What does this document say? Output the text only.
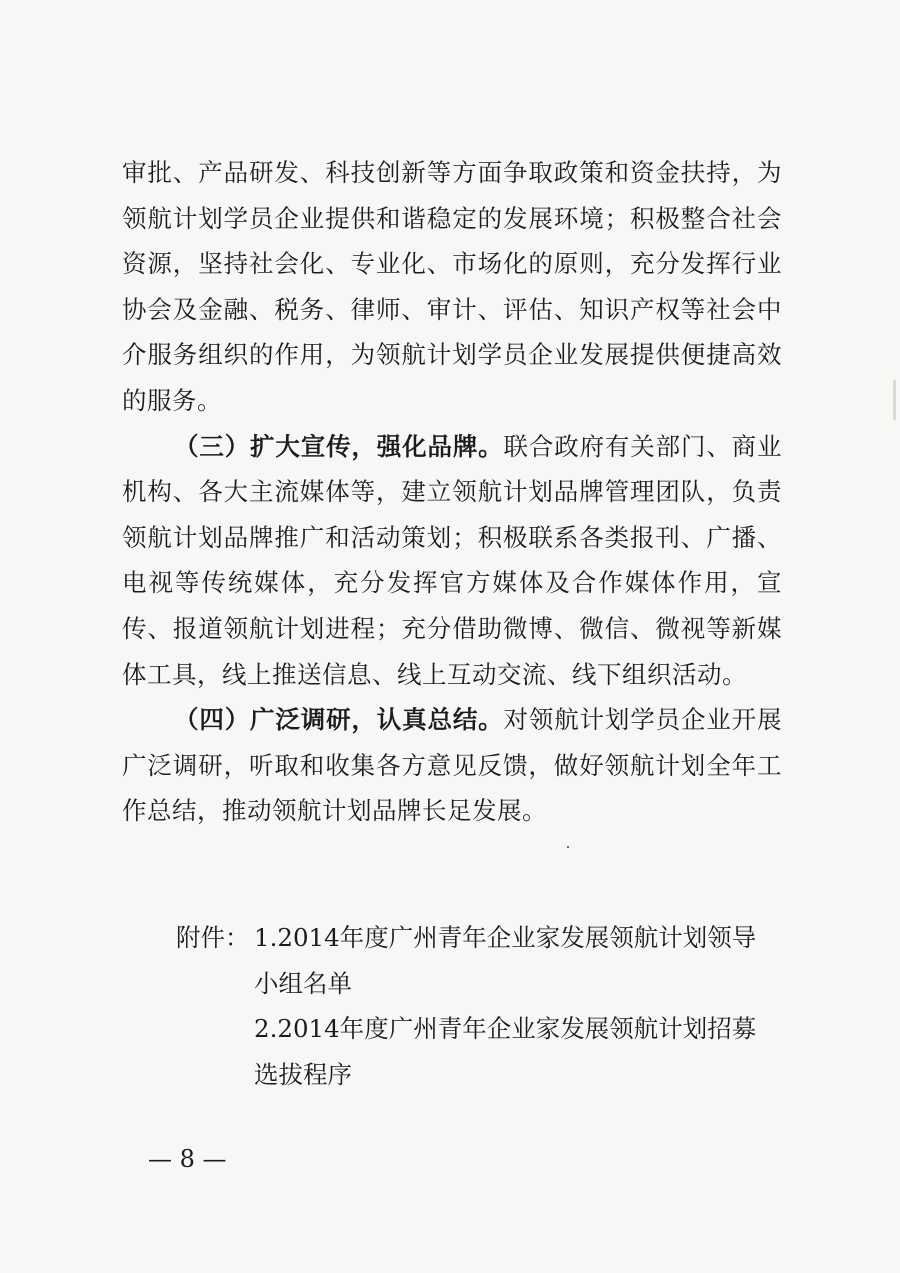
审批、产品研发、科技创新等方面争取政策和资金扶持，为领航计划学员企业提供和谐稳定的发展环境；积极整合社会资源，坚持社会化、专业化、市场化的原则，充分发挥行业协会及金融、税务、律师、审计、评估、知识产权等社会中介服务组织的作用，为领航计划学员企业发展提供便捷高效的服务。

（三）扩大宣传，强化品牌。联合政府有关部门、商业机构、各大主流媒体等，建立领航计划品牌管理团队，负责领航计划品牌推广和活动策划；积极联系各类报刊、广播、电视等传统媒体，充分发挥官方媒体及合作媒体作用，宣传、报道领航计划进程；充分借助微博、微信、微视等新媒体工具，线上推送信息、线上互动交流、线下组织活动。

（四）广泛调研，认真总结。对领航计划学员企业开展广泛调研，听取和收集各方意见反馈，做好领航计划全年工作总结，推动领航计划品牌长足发展。

附件： 1.2014年度广州青年企业家发展领航计划领导小组名单
2.2014年度广州青年企业家发展领航计划招募选拔程序
— 8 —
